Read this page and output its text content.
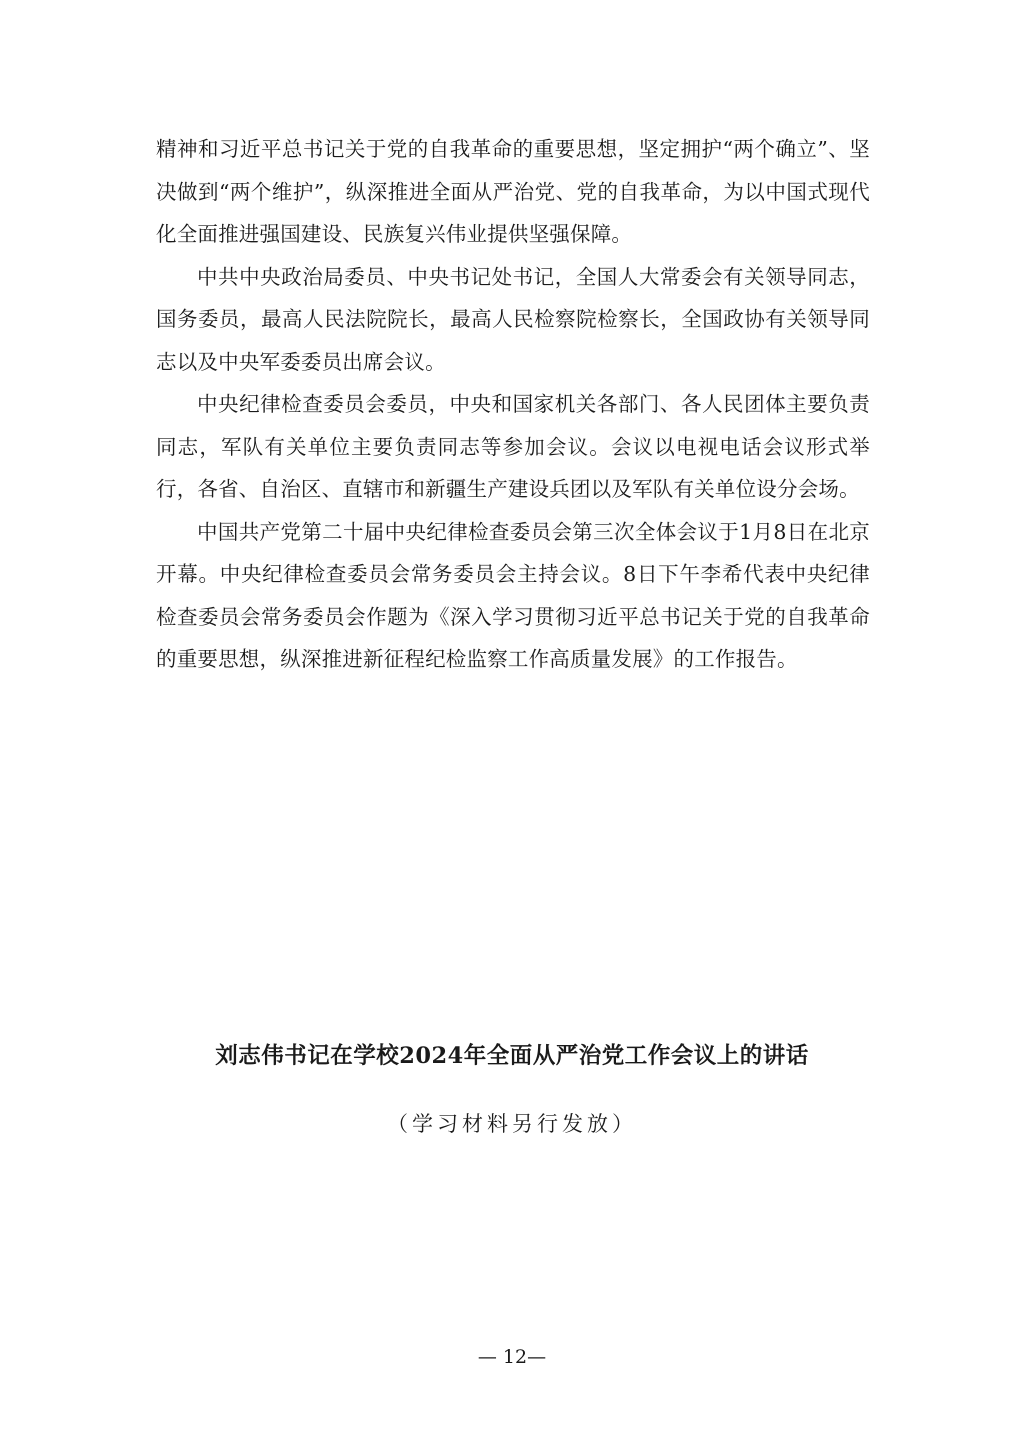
精神和习近平总书记关于党的自我革命的重要思想，坚定拥护“两个确立”、坚决做到“两个维护”，纵深推进全面从严治党、党的自我革命，为以中国式现代化全面推进强国建设、民族复兴伟业提供坚强保障。

中共中央政治局委员、中央书记处书记，全国人大常委会有关领导同志，国务委员，最高人民法院院长，最高人民检察院检察长，全国政协有关领导同志以及中央军委委员出席会议。

中央纪律检查委员会委员，中央和国家机关各部门、各人民团体主要负责同志，军队有关单位主要负责同志等参加会议。会议以电视电话会议形式举行，各省、自治区、直辖市和新疆生产建设兵团以及军队有关单位设分会场。

中国共产党第二十届中央纪律检查委员会第三次全体会议于1月8日在北京开幕。中央纪律检查委员会常务委员会主持会议。8日下午李希代表中央纪律检查委员会常务委员会作题为《深入学习贯彻习近平总书记关于党的自我革命的重要思想，纵深推进新征程纪检监察工作高质量发展》的工作报告。

刘志伟书记在学校2024年全面从严治党工作会议上的讲话

（学习材料另行发放）

— 12—
